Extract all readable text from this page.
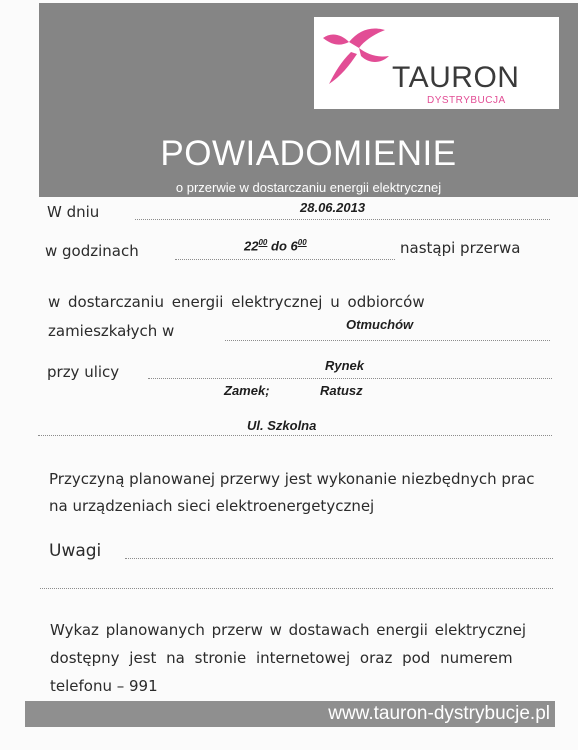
TAURON
DYSTRYBUCJA
POWIADOMIENIE
o przerwie w dostarczaniu energii elektrycznej
W dniu	28.06.2013
w godzinach	$22^{00}$ do $6^{00}$	nastąpi przerwa
w dostarczaniu energii elektrycznej u odbiorców
zamieszkałych w	Otmuchów
przy ulicy	Rynek
Zamek;	Ratusz
Ul. Szkolna
Przyczyną planowanej przerwy jest wykonanie niezbędnych prac
na urządzeniach sieci elektroenergetycznej
Uwagi
Wykaz planowanych przerw w dostawach energii elektrycznej
dostępny jest na stronie internetowej oraz pod numerem
telefonu – 991
www.tauron-dystrybucje.pl
